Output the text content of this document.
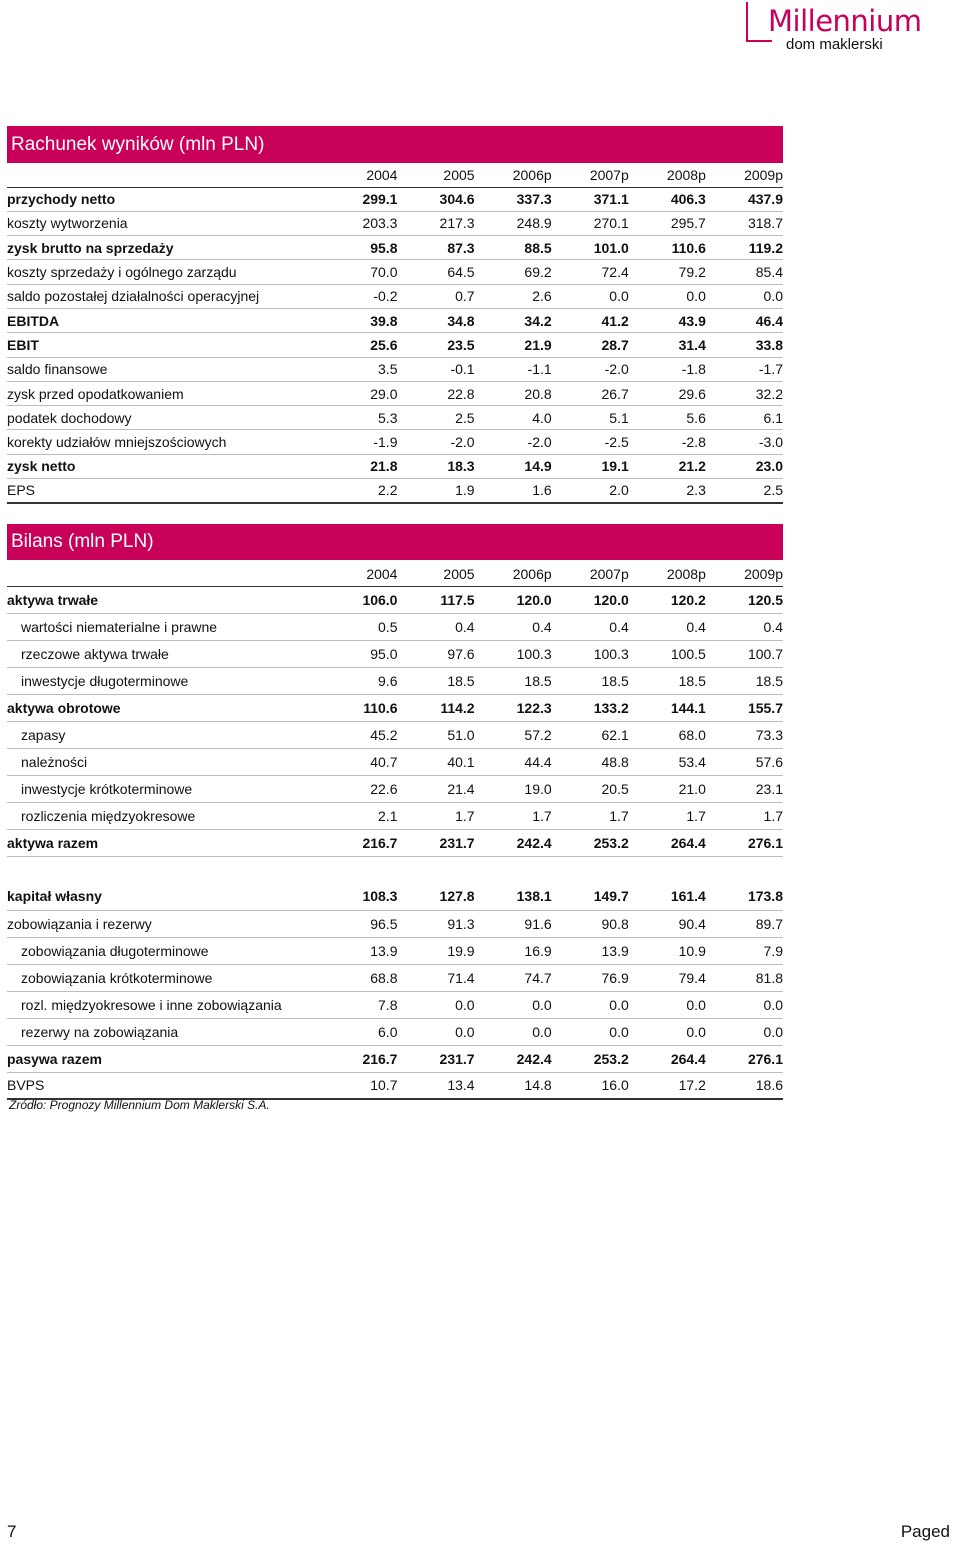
Millennium
dom maklerski
Rachunek wyników (mln PLN)
	2004	2005	2006p	2007p	2008p	2009p
przychody netto	299.1	304.6	337.3	371.1	406.3	437.9
koszty wytworzenia	203.3	217.3	248.9	270.1	295.7	318.7
zysk brutto na sprzedaży	95.8	87.3	88.5	101.0	110.6	119.2
koszty sprzedaży i ogólnego zarządu	70.0	64.5	69.2	72.4	79.2	85.4
saldo pozostałej działalności operacyjnej	-0.2	0.7	2.6	0.0	0.0	0.0
EBITDA	39.8	34.8	34.2	41.2	43.9	46.4
EBIT	25.6	23.5	21.9	28.7	31.4	33.8
saldo finansowe	3.5	-0.1	-1.1	-2.0	-1.8	-1.7
zysk przed opodatkowaniem	29.0	22.8	20.8	26.7	29.6	32.2
podatek dochodowy	5.3	2.5	4.0	5.1	5.6	6.1
korekty udziałów mniejszościowych	-1.9	-2.0	-2.0	-2.5	-2.8	-3.0
zysk netto	21.8	18.3	14.9	19.1	21.2	23.0
EPS	2.2	1.9	1.6	2.0	2.3	2.5
Bilans (mln PLN)
	2004	2005	2006p	2007p	2008p	2009p
aktywa trwałe	106.0	117.5	120.0	120.0	120.2	120.5
wartości niematerialne i prawne	0.5	0.4	0.4	0.4	0.4	0.4
rzeczowe aktywa trwałe	95.0	97.6	100.3	100.3	100.5	100.7
inwestycje długoterminowe	9.6	18.5	18.5	18.5	18.5	18.5
aktywa obrotowe	110.6	114.2	122.3	133.2	144.1	155.7
zapasy	45.2	51.0	57.2	62.1	68.0	73.3
należności	40.7	40.1	44.4	48.8	53.4	57.6
inwestycje krótkoterminowe	22.6	21.4	19.0	20.5	21.0	23.1
rozliczenia międzyokresowe	2.1	1.7	1.7	1.7	1.7	1.7
aktywa razem	216.7	231.7	242.4	253.2	264.4	276.1

kapitał własny	108.3	127.8	138.1	149.7	161.4	173.8
zobowiązania i rezerwy	96.5	91.3	91.6	90.8	90.4	89.7
zobowiązania długoterminowe	13.9	19.9	16.9	13.9	10.9	7.9
zobowiązania krótkoterminowe	68.8	71.4	74.7	76.9	79.4	81.8
rozl. międzyokresowe i inne zobowiązania	7.8	0.0	0.0	0.0	0.0	0.0
rezerwy na zobowiązania	6.0	0.0	0.0	0.0	0.0	0.0
pasywa razem	216.7	231.7	242.4	253.2	264.4	276.1
BVPS	10.7	13.4	14.8	16.0	17.2	18.6
Źródło: Prognozy Millennium Dom Maklerski S.A.
7	Paged
